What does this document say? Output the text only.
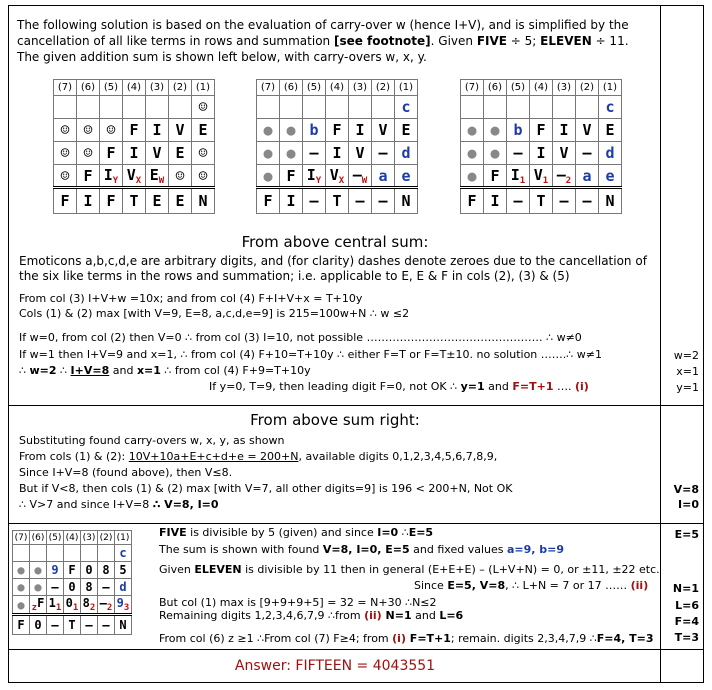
The following solution is based on the evaluation of carry-over w (hence I+V), and is simplified by the
cancellation of all like terms in rows and summation [see footnote]. Given FIVE ÷ 5; ELEVEN ÷ 11.
The given addition sum is shown left below, with carry-overs w, x, y.
(7)	(6)	(5)	(4)	(3)	(2)	(1)
						☺
☺	☺	☺	F	I	V	E
☺	☺	F	I	V	E	☺
☺	F	$I_Y$	$V_X$	$E_W$	☺	☺
F	I	F	T	E	E	N
(7)	(6)	(5)	(4)	(3)	(2)	(1)
						c
●	●	b	F	I	V	E
●	●	–	I	V	–	d
●	F	$I_Y$	$V_X$	$-_W$	a	e
F	I	–	T	–	–	N
(7)	(6)	(5)	(4)	(3)	(2)	(1)
						c
●	●	b	F	I	V	E
●	●	–	I	V	–	d
●	F	$I_1$	$V_1$	$-_2$	a	e
F	I	–	T	–	–	N
From above central sum:
Emoticons a,b,c,d,e are arbitrary digits, and (for clarity) dashes denote zeroes due to the cancellation of
the six like terms in the rows and summation; i.e. applicable to E, E & F in cols (2), (3) & (5)
From col (3) I+V+w =10x; and from col (4) F+I+V+x = T+10y
Cols (1) & (2) max [with V=9, E=8, a,c,d,e=9] is 215=100w+N ∴ w ≤2
If w=0, from col (2) then V=0 ∴ from col (3) I=10, not possible ………………………………………… ∴ w≠0
If w=1 then I+V=9 and x=1, ∴ from col (4) F+10=T+10y ∴ either F=T or F=T±10. no solution …….∴ w≠1
∴ w=2 ∴ I+V=8 and x=1 ∴ from col (4) F+9=T+10y
If y=0, T=9, then leading digit F=0, not OK ∴ y=1 and F=T+1 …. (i)
w=2
x=1
y=1
From above sum right:
Substituting found carry-overs w, x, y, as shown
From cols (1) & (2): 10V+10a+E+c+d+e = 200+N, available digits 0,1,2,3,4,5,6,7,8,9,
Since I+V=8 (found above), then V≤8.
But if V<8, then cols (1) & (2) max [with V=7, all other digits=9] is 196 < 200+N, Not OK
∴ V>7 and since I+V=8 ∴ V=8, I=0
V=8
I=0
(7)	(6)	(5)	(4)	(3)	(2)	(1)
						c
●	●	9	F	0	8	5
●	●	–	0	8	–	d
●	$_z$F	$1_1$	$0_1$	$8_2$	$-_2$	$9_3$
F	0	–	T	–	–	N
FIVE is divisible by 5 (given) and since I=0 ∴E=5
The sum is shown with found V=8, I=0, E=5 and fixed values a=9, b=9
Given ELEVEN is divisible by 11 then in general (E+E+E) – (L+V+N) = 0, or ±11, ±22 etc.
Since E=5, V=8, ∴ L+N = 7 or 17 …… (ii)
But col (1) max is [9+9+9+5] = 32 = N+30 ∴N≤2
Remaining digits 1,2,3,4,6,7,9 ∴from (ii) N=1 and L=6
From col (6) z ≥1 ∴From col (7) F≥4; from (i) F=T+1; remain. digits 2,3,4,7,9 ∴F=4, T=3
E=5
N=1
L=6
F=4
T=3
Answer: FIFTEEN = 4043551
